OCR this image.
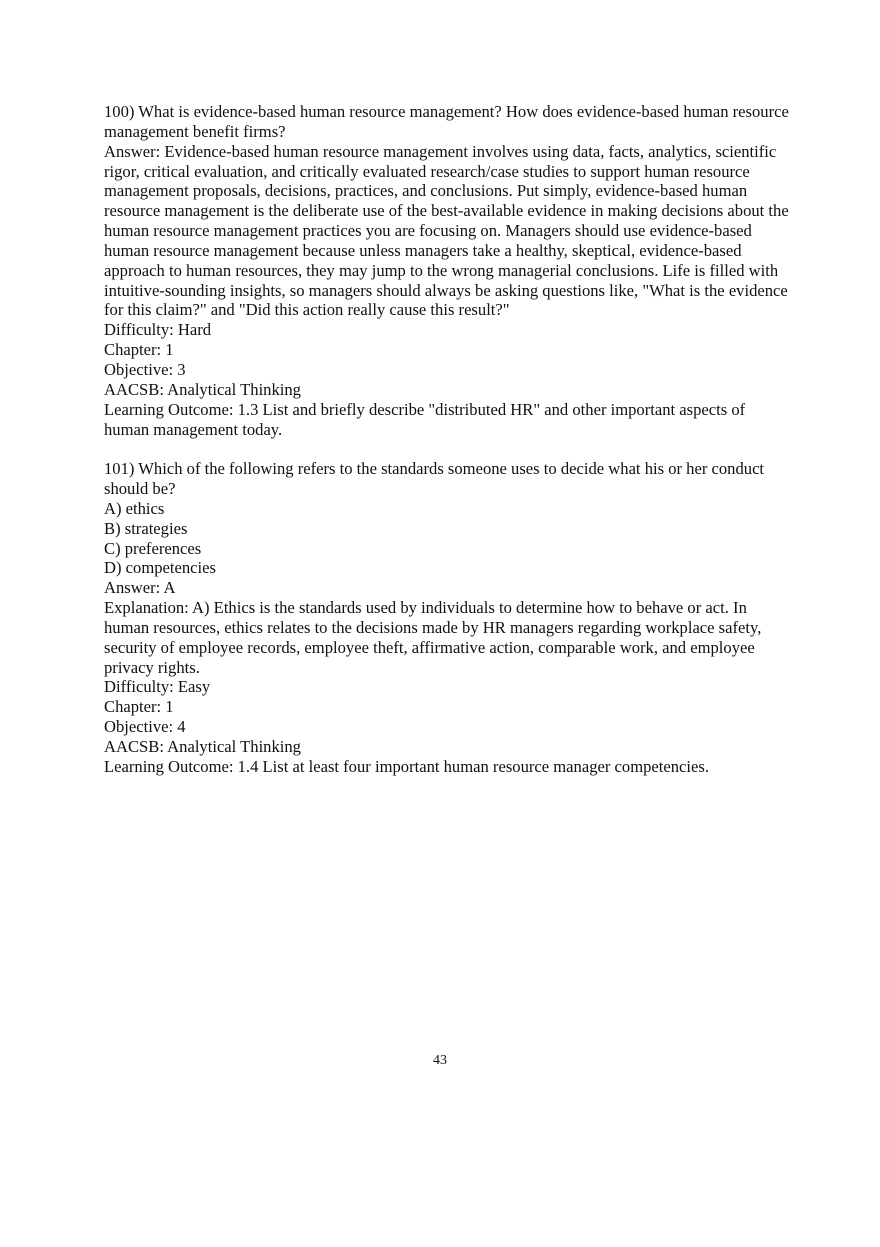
100) What is evidence-based human resource management? How does evidence-based human resource management benefit firms?
Answer: Evidence-based human resource management involves using data, facts, analytics, scientific rigor, critical evaluation, and critically evaluated research/case studies to support human resource management proposals, decisions, practices, and conclusions. Put simply, evidence-based human resource management is the deliberate use of the best-available evidence in making decisions about the human resource management practices you are focusing on. Managers should use evidence-based human resource management because unless managers take a healthy, skeptical, evidence-based approach to human resources, they may jump to the wrong managerial conclusions. Life is filled with intuitive-sounding insights, so managers should always be asking questions like, "What is the evidence for this claim?" and "Did this action really cause this result?"
Difficulty: Hard
Chapter: 1
Objective: 3
AACSB: Analytical Thinking
Learning Outcome: 1.3 List and briefly describe "distributed HR" and other important aspects of human management today.
101) Which of the following refers to the standards someone uses to decide what his or her conduct should be?
A) ethics
B) strategies
C) preferences
D) competencies
Answer: A
Explanation: A) Ethics is the standards used by individuals to determine how to behave or act. In human resources, ethics relates to the decisions made by HR managers regarding workplace safety, security of employee records, employee theft, affirmative action, comparable work, and employee privacy rights.
Difficulty: Easy
Chapter: 1
Objective: 4
AACSB: Analytical Thinking
Learning Outcome: 1.4 List at least four important human resource manager competencies.
43
